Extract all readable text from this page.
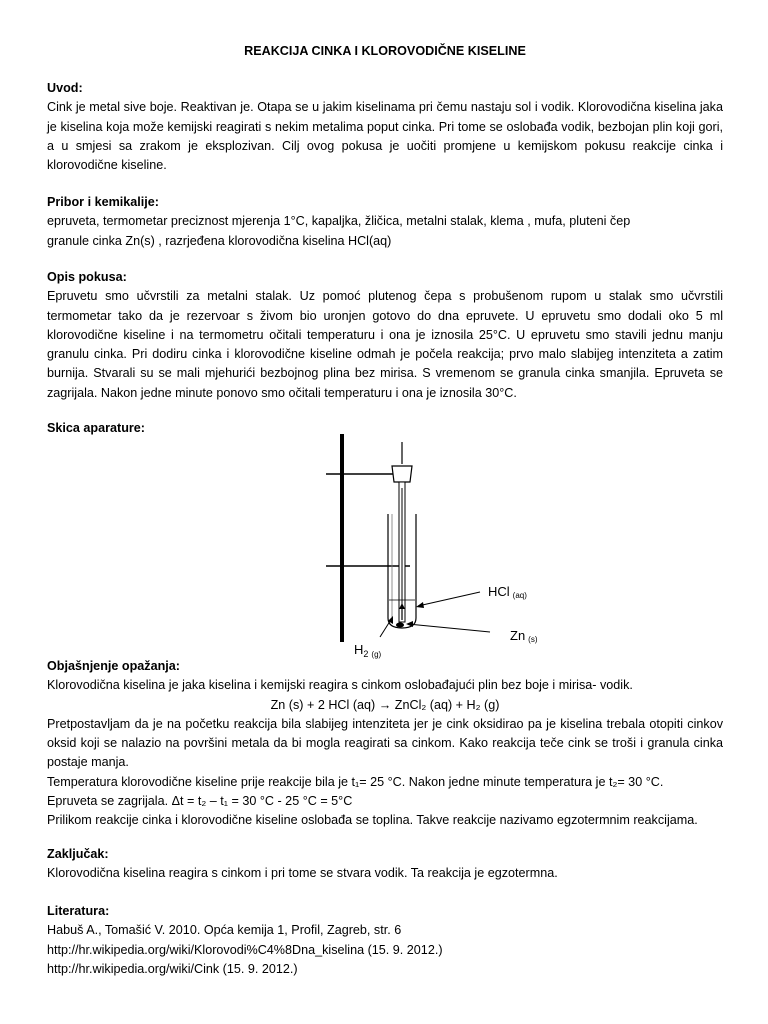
REAKCIJA CINKA I KLOROVODIČNE KISELINE

Uvod:

Cink je metal sive boje. Reaktivan je. Otapa se u jakim kiselinama pri čemu nastaju sol i vodik. Klorovodična kiselina jaka je kiselina koja može kemijski reagirati s nekim metalima poput cinka. Pri tome se oslobađa vodik, bezbojan plin koji gori, a u smjesi sa zrakom je eksplozivan. Cilj ovog pokusa je uočiti promjene u kemijskom pokusu reakcije cinka i klorovodične kiseline.

Pribor i kemikalije:

epruveta, termometar preciznost mjerenja 1°C, kapaljka, žličica, metalni stalak, klema , mufa, pluteni čep

granule cinka Zn(s) , razrjeđena klorovodična kiselina HCl(aq)

Opis pokusa:

Epruvetu smo učvrstili za metalni stalak. Uz pomoć plutenog čepa s probušenom rupom u stalak smo učvrstili termometar tako da je rezervoar s živom bio uronjen gotovo do dna epruvete. U epruvetu smo dodali oko 5 ml klorovodične kiseline i na termometru očitali temperaturu i ona je iznosila 25°C. U epruvetu smo stavili jednu manju granulu cinka. Pri dodiru cinka i klorovodične kiseline odmah je počela reakcija; prvo malo slabijeg intenziteta a zatim burnija. Stvarali su se mali mjehurići bezbojnog plina bez mirisa. S vremenom se granula cinka smanjila. Epruveta se zagrijala. Nakon jedne minute ponovo smo očitali temperaturu i ona je iznosila 30°C.

Skica aparature:

Objašnjenje opažanja:

Klorovodična kiselina je jaka kiselina i kemijski reagira s cinkom oslobađajući plin bez boje i mirisa- vodik.

Zn (s) + 2 HCl (aq) → ZnCl₂ (aq) + H₂ (g)

Pretpostavljam da je na početku reakcija bila slabijeg intenziteta jer je cink oksidirao pa je kiselina trebala otopiti cinkov oksid koji se nalazio na površini metala da bi mogla reagirati sa cinkom. Kako reakcija teče cink se troši i granula cinka postaje manja.

Temperatura klorovodične kiseline prije reakcije bila je t₁= 25 °C. Nakon jedne minute temperatura je t₂= 30 °C.

Epruveta se zagrijala. Δt = t₂ – t₁ = 30 °C - 25 °C = 5°C

Prilikom reakcije cinka i klorovodične kiseline oslobađa se toplina. Takve reakcije nazivamo egzotermnim reakcijama.

Zaključak:

Klorovodična kiselina reagira s cinkom i pri tome se stvara vodik. Ta reakcija je egzotermna.

Literatura:

Habuš A., Tomašić V. 2010. Opća kemija 1, Profil, Zagreb, str. 6

http://hr.wikipedia.org/wiki/Klorovodi%C4%8Dna_kiselina (15. 9. 2012.)

http://hr.wikipedia.org/wiki/Cink (15. 9. 2012.)

HCl (aq)
Zn (s)
$H_2$ (g)
